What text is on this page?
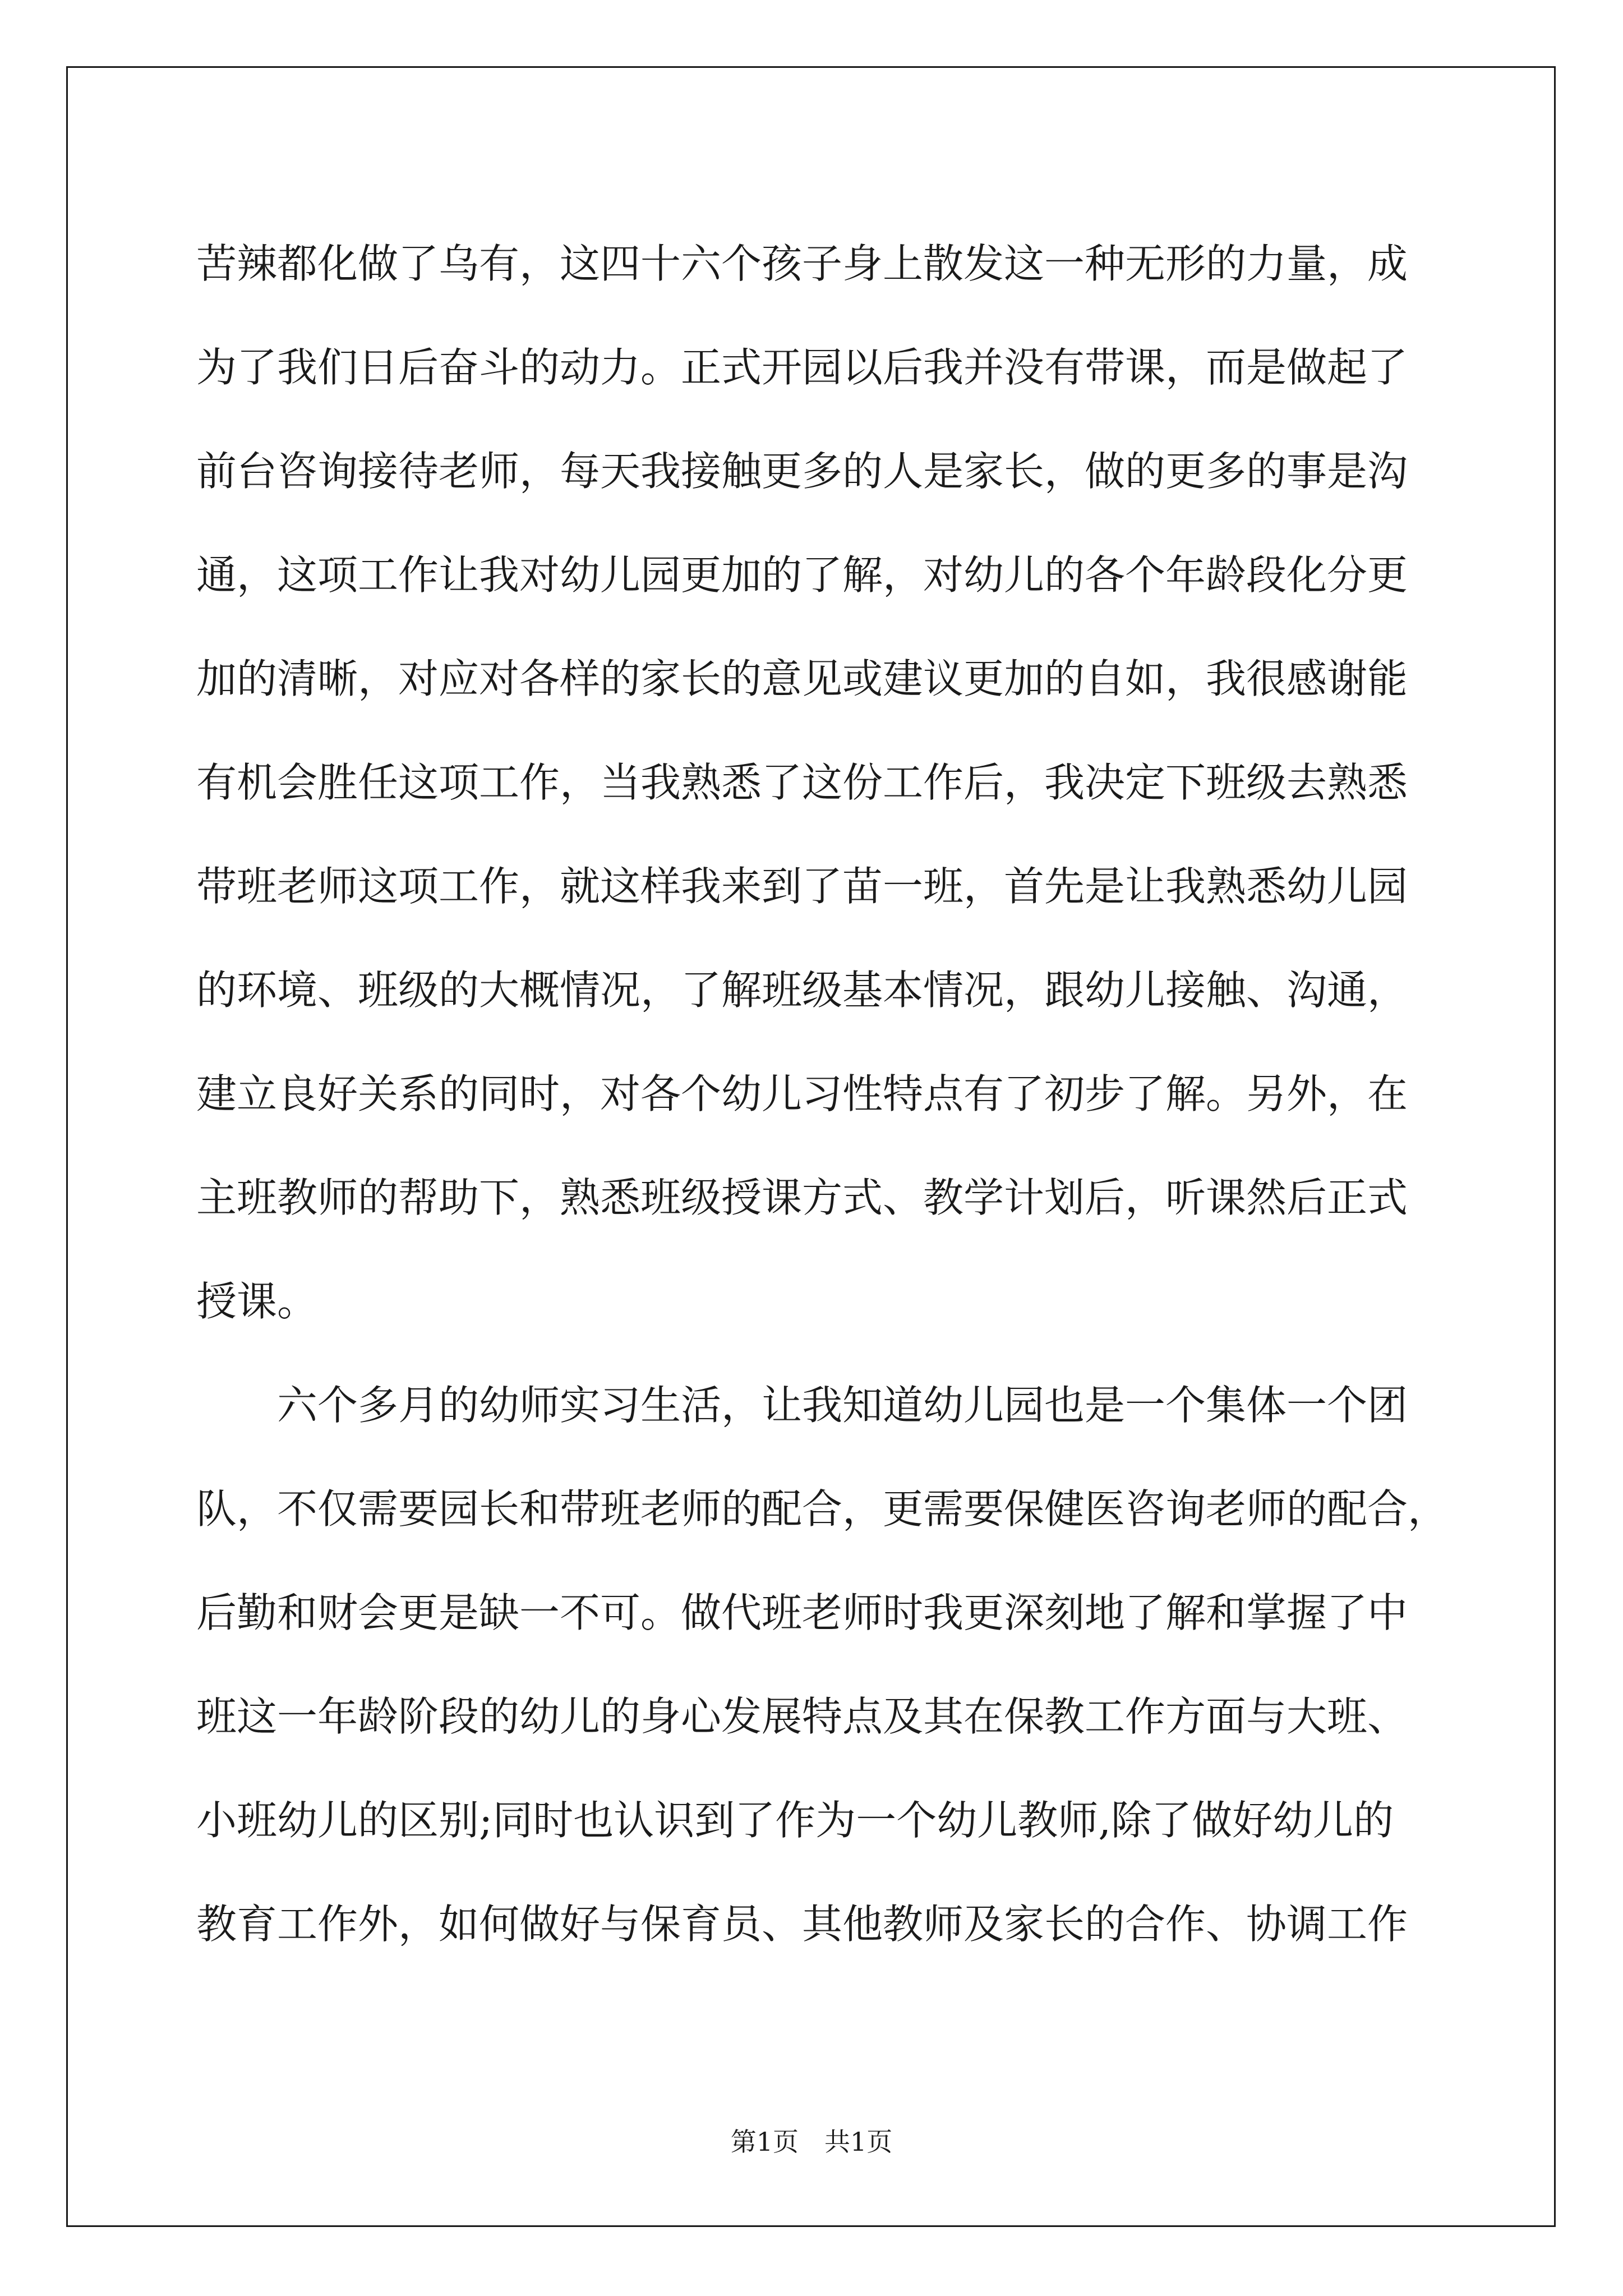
苦辣都化做了乌有，这四十六个孩子身上散发这一种无形的力量，成
为了我们日后奋斗的动力。正式开园以后我并没有带课，而是做起了
前台咨询接待老师，每天我接触更多的人是家长，做的更多的事是沟
通，这项工作让我对幼儿园更加的了解，对幼儿的各个年龄段化分更
加的清晰，对应对各样的家长的意见或建议更加的自如，我很感谢能
有机会胜任这项工作，当我熟悉了这份工作后，我决定下班级去熟悉
带班老师这项工作，就这样我来到了苗一班，首先是让我熟悉幼儿园
的环境、班级的大概情况，了解班级基本情况，跟幼儿接触、沟通，
建立良好关系的同时，对各个幼儿习性特点有了初步了解。另外，在
主班教师的帮助下，熟悉班级授课方式、教学计划后，听课然后正式
授课。
六个多月的幼师实习生活，让我知道幼儿园也是一个集体一个团
队，不仅需要园长和带班老师的配合，更需要保健医咨询老师的配合，
后勤和财会更是缺一不可。做代班老师时我更深刻地了解和掌握了中
班这一年龄阶段的幼儿的身心发展特点及其在保教工作方面与大班、
小班幼儿的区别;同时也认识到了作为一个幼儿教师,除了做好幼儿的
教育工作外，如何做好与保育员、其他教师及家长的合作、协调工作
第1页 共1页
